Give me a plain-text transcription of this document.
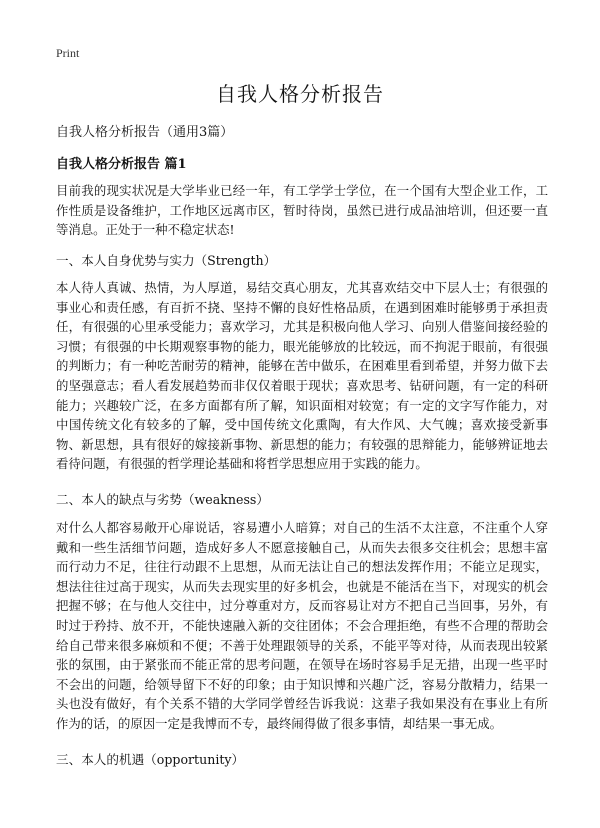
Print
自我人格分析报告
自我人格分析报告（通用3篇）
自我人格分析报告 篇1

目前我的现实状况是大学毕业已经一年，有工学学士学位，在一个国有大型企业工作，工作性质是设备维护，工作地区远离市区，暂时待岗，虽然已进行成品油培训，但还要一直等消息。正处于一种不稳定状态!

一、本人自身优势与实力（Strength）

本人待人真诚、热情，为人厚道，易结交真心朋友，尤其喜欢结交中下层人士；有很强的事业心和责任感，有百折不挠、坚持不懈的良好性格品质，在遇到困难时能够勇于承担责任，有很强的心里承受能力；喜欢学习，尤其是积极向他人学习、向别人借鉴间接经验的习惯；有很强的中长期观察事物的能力，眼光能够放的比较远，而不拘泥于眼前，有很强的判断力；有一种吃苦耐劳的精神，能够在苦中做乐，在困难里看到希望，并努力做下去的坚强意志；看人看发展趋势而非仅仅着眼于现状；喜欢思考、钻研问题，有一定的科研能力；兴趣较广泛，在多方面都有所了解，知识面相对较宽；有一定的文字写作能力，对中国传统文化有较多的了解，受中国传统文化熏陶，有大作风、大气魄；喜欢接受新事物、新思想，具有很好的嫁接新事物、新思想的能力；有较强的思辩能力，能够辨证地去看待问题，有很强的哲学理论基础和将哲学思想应用于实践的能力。

二、本人的缺点与劣势（weakness）

对什么人都容易敞开心扉说话，容易遭小人暗算；对自己的生活不太注意，不注重个人穿戴和一些生活细节问题，造成好多人不愿意接触自己，从而失去很多交往机会；思想丰富而行动力不足，往往行动跟不上思想，从而无法让自己的想法发挥作用；不能立足现实，想法往往过高于现实，从而失去现实里的好多机会，也就是不能活在当下，对现实的机会把握不够；在与他人交往中，过分尊重对方，反而容易让对方不把自己当回事，另外，有时过于矜持、放不开，不能快速融入新的交往团体；不会合理拒绝，有些不合理的帮助会给自己带来很多麻烦和不便；不善于处理跟领导的关系，不能平等对待，从而表现出较紧张的氛围，由于紧张而不能正常的思考问题，在领导在场时容易手足无措，出现一些平时不会出的问题，给领导留下不好的印象；由于知识博和兴趣广泛，容易分散精力，结果一头也没有做好，有个关系不错的大学同学曾经告诉我说：这辈子我如果没有在事业上有所作为的话，的原因一定是我博而不专，最终闹得做了很多事情，却结果一事无成。

三、本人的机遇（opportunity）
